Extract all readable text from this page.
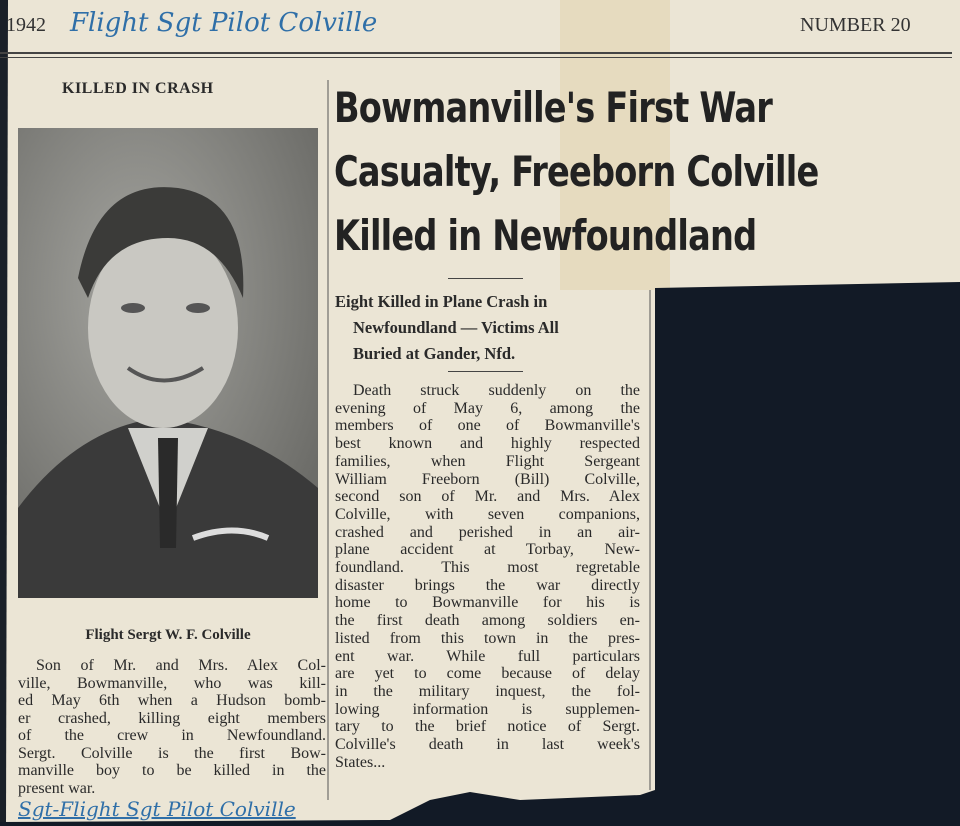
1942 Flight Sgt Pilot Colville	NUMBER 20
KILLED IN CRASH
Flight Sergt W. F. Colville
Son of Mr. and Mrs. Alex Col-
ville, Bowmanville, who was kill-
ed May 6th when a Hudson bomb-
er crashed, killing eight members
of the crew in Newfoundland.
Sergt. Colville is the first Bow-
manville boy to be killed in the
present war.
Sgt-Flight Sgt Pilot Colville
Bowmanville's First War
Casualty, Freeborn Colville
Killed in Newfoundland
Eight Killed in Plane Crash in
Newfoundland — Victims All
Buried at Gander, Nfd.
Death struck suddenly on the
evening of May 6, among the
members of one of Bowmanville's
best known and highly respected
families, when Flight Sergeant
William Freeborn (Bill) Colville,
second son of Mr. and Mrs. Alex
Colville, with seven companions,
crashed and perished in an air-
plane accident at Torbay, New-
foundland. This most regretable
disaster brings the war directly
home to Bowmanville for his is
the first death among soldiers en-
listed from this town in the pres-
ent war. While full particulars
are yet to come because of delay
in the military inquest, the fol-
lowing information is supplemen-
tary to the brief notice of Sergt.
Colville's death in last week's
States...
